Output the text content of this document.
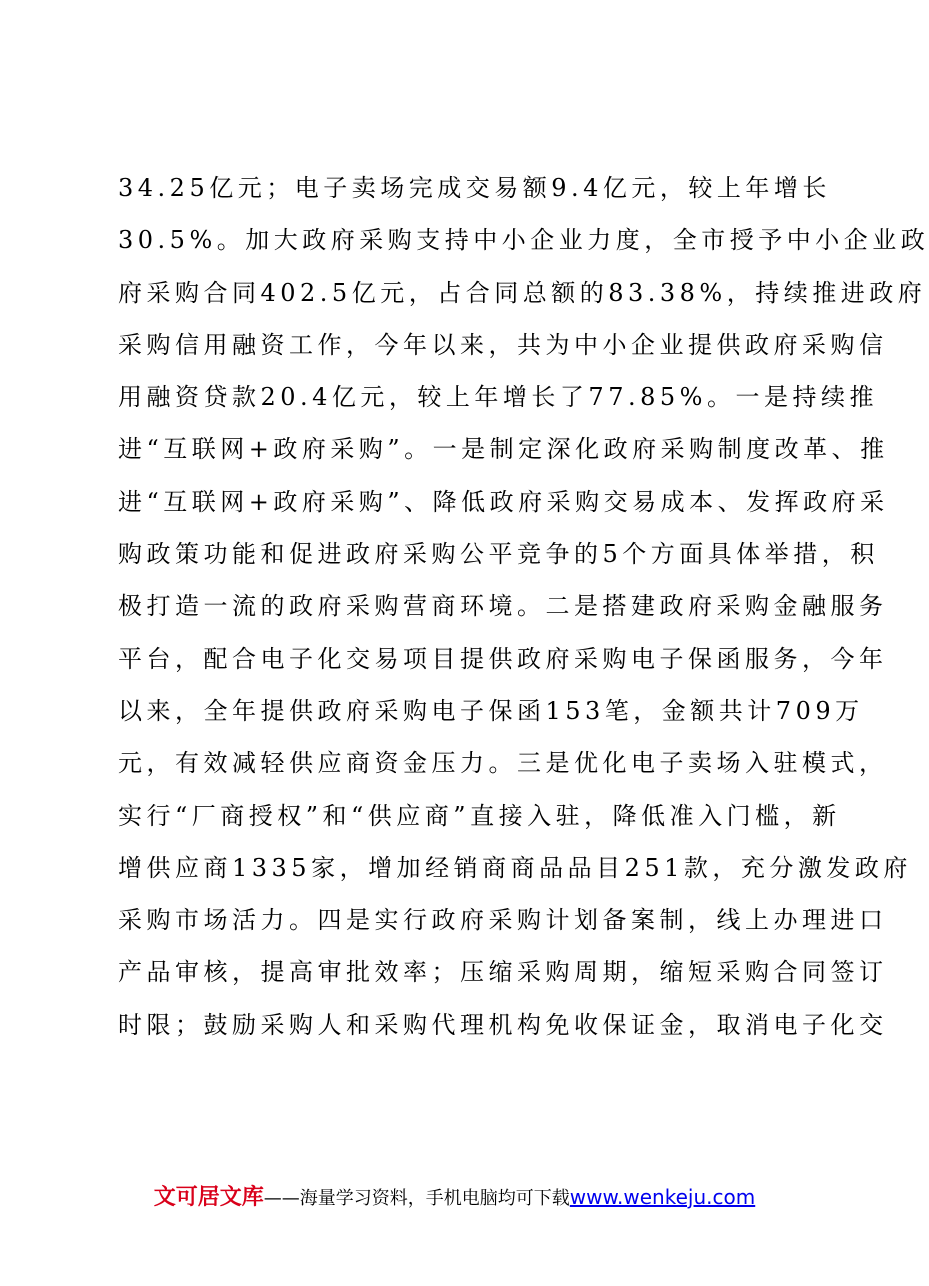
34.25亿元；电子卖场完成交易额9.4亿元，较上年增长
30.5%。加大政府采购支持中小企业力度，全市授予中小企业政
府采购合同402.5亿元，占合同总额的83.38%，持续推进政府
采购信用融资工作，今年以来，共为中小企业提供政府采购信
用融资贷款20.4亿元，较上年增长了77.85%。一是持续推
进“互联网+政府采购”。一是制定深化政府采购制度改革、推
进“互联网+政府采购”、降低政府采购交易成本、发挥政府采
购政策功能和促进政府采购公平竞争的5个方面具体举措，积
极打造一流的政府采购营商环境。二是搭建政府采购金融服务
平台，配合电子化交易项目提供政府采购电子保函服务，今年
以来，全年提供政府采购电子保函153笔，金额共计709万
元，有效减轻供应商资金压力。三是优化电子卖场入驻模式，
实行“厂商授权”和“供应商”直接入驻，降低准入门槛，新
增供应商1335家，增加经销商商品品目251款，充分激发政府
采购市场活力。四是实行政府采购计划备案制，线上办理进口
产品审核，提高审批效率；压缩采购周期，缩短采购合同签订
时限；鼓励采购人和采购代理机构免收保证金，取消电子化交
文可居文库——海量学习资料，手机电脑均可下载www.wenkeju.com
